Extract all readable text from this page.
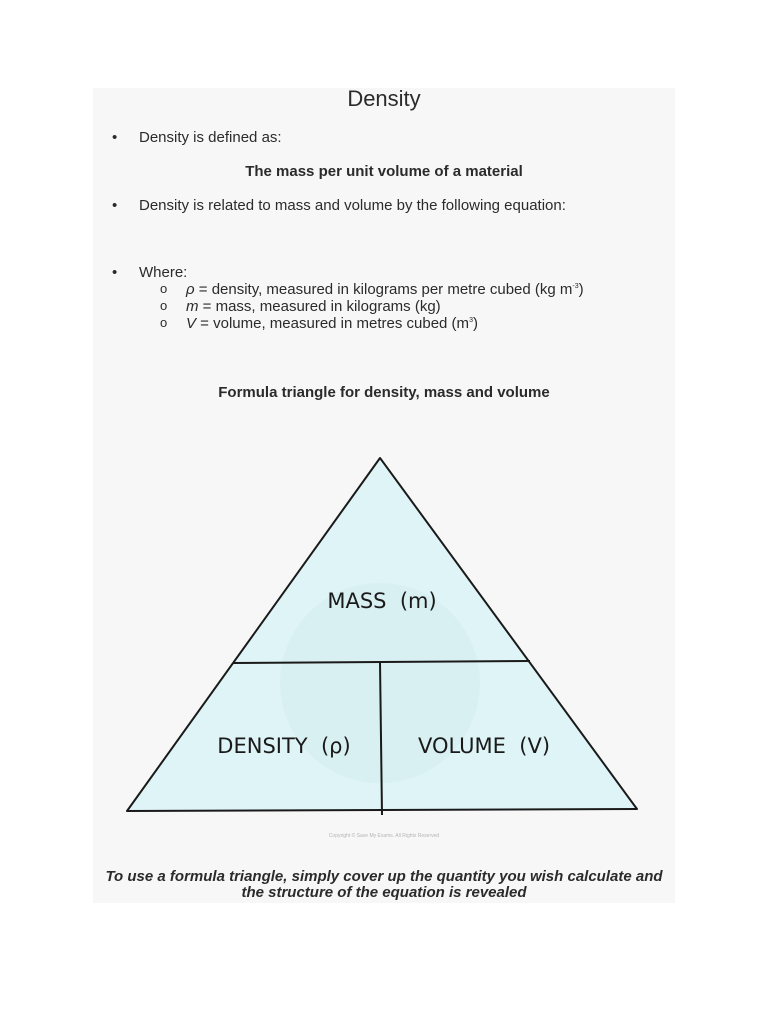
Density
•	Density is defined as:
The mass per unit volume of a material
•	Density is related to mass and volume by the following equation:
•	Where:
o ρ = density, measured in kilograms per metre cubed (kg $m^{-3}$)
o m = mass, measured in kilograms (kg)
o V = volume, measured in metres cubed $(m^3)$
Formula triangle for density, mass and volume
MASS  (m)
DENSITY  (ρ)	VOLUME  (V)
Copyright © Save My Exams. All Rights Reserved
To use a formula triangle, simply cover up the quantity you wish calculate and the structure of the equation is revealed
